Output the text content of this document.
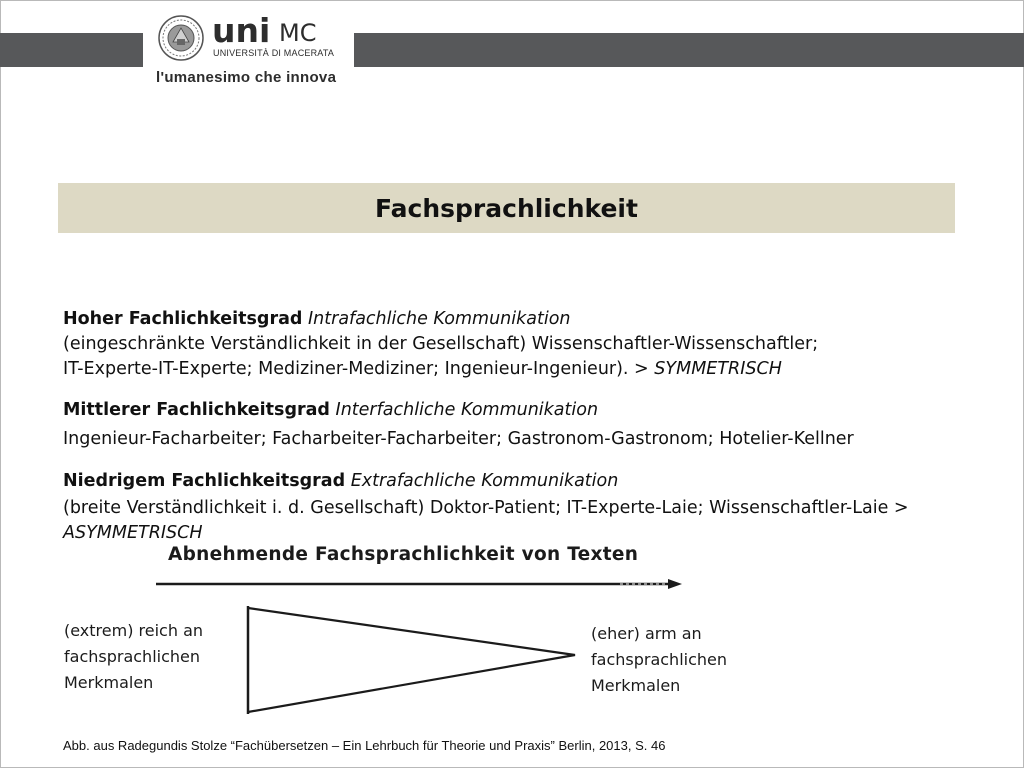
uni MC
UNIVERSITÀ DI MACERATA
l'umanesimo che innova
Fachsprachlichkeit

Hoher Fachlichkeitsgrad Intrafachliche Kommunikation

(eingeschränkte Verständlichkeit in der Gesellschaft) Wissenschaftler-Wissenschaftler;

IT-Experte-IT-Experte; Mediziner-Mediziner; Ingenieur-Ingenieur). > SYMMETRISCH

Mittlerer Fachlichkeitsgrad Interfachliche Kommunikation

Ingenieur-Facharbeiter; Facharbeiter-Facharbeiter; Gastronom-Gastronom; Hotelier-Kellner

Niedrigem Fachlichkeitsgrad Extrafachliche Kommunikation

(breite Verständlichkeit i. d. Gesellschaft) Doktor-Patient; IT-Experte-Laie; Wissenschaftler-Laie >

ASYMMETRISCH

Abnehmende Fachsprachlichkeit von Texten

(extrem) reich an

fachsprachlichen

Merkmalen

(eher) arm an

fachsprachlichen

Merkmalen

Abb. aus Radegundis Stolze “Fachübersetzen – Ein Lehrbuch für Theorie und Praxis” Berlin, 2013, S. 46
